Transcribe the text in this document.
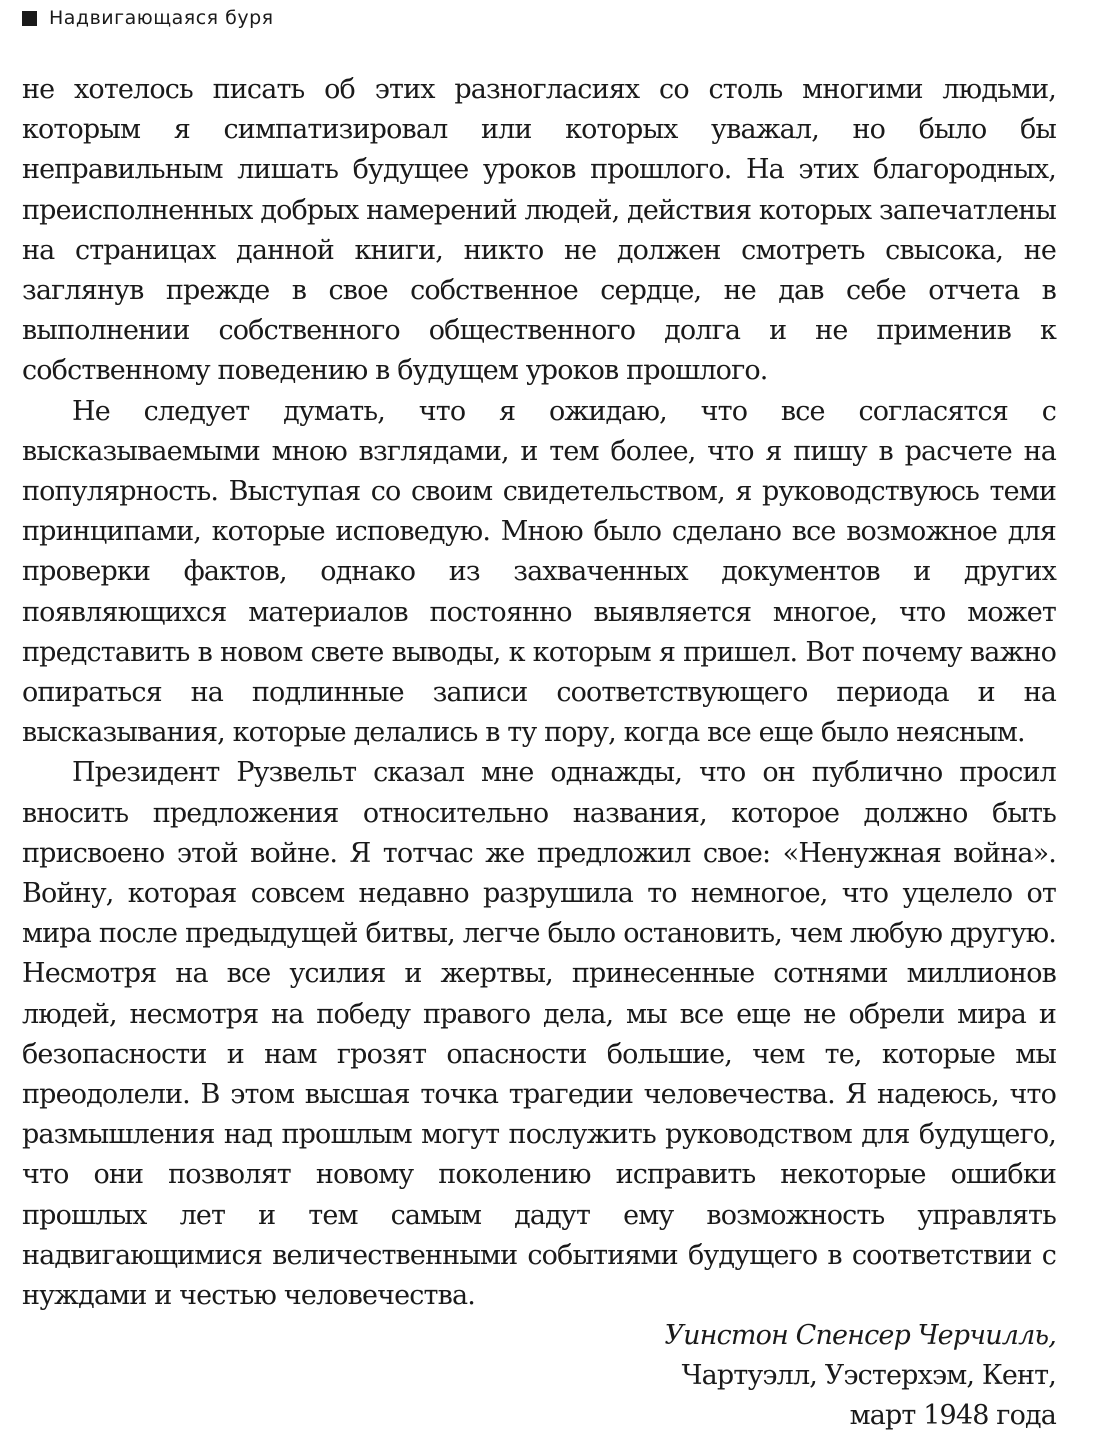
Надвигающаяся буря

не хотелось писать об этих разногласиях со столь многими людьми, которым я симпатизировал или которых уважал, но было бы неправильным лишать будущее уроков прошлого. На этих благородных, преисполненных добрых намерений людей, действия которых запечатлены на страницах данной книги, никто не должен смотреть свысока, не заглянув прежде в свое собственное сердце, не дав себе отчета в выполнении собственного общественного долга и не применив к собственному поведению в будущем уроков прошлого.

Не следует думать, что я ожидаю, что все согласятся с высказываемыми мною взглядами, и тем более, что я пишу в расчете на популярность. Выступая со своим свидетельством, я руководствуюсь теми принципами, которые исповедую. Мною было сделано все возможное для проверки фактов, однако из захваченных документов и других появляющихся материалов постоянно выявляется многое, что может представить в новом свете выводы, к которым я пришел. Вот почему важно опираться на подлинные записи соответствующего периода и на высказывания, которые делались в ту пору, когда все еще было неясным.

Президент Рузвельт сказал мне однажды, что он публично просил вносить предложения относительно названия, которое должно быть присвоено этой войне. Я тотчас же предложил свое: «Ненужная война». Войну, которая совсем недавно разрушила то немногое, что уцелело от мира после предыдущей битвы, легче было остановить, чем любую другую. Несмотря на все усилия и жертвы, принесенные сотнями миллионов людей, несмотря на победу правого дела, мы все еще не обрели мира и безопасности и нам грозят опасности большие, чем те, которые мы преодолели. В этом высшая точка трагедии человечества. Я надеюсь, что размышления над прошлым могут послужить руководством для будущего, что они позволят новому поколению исправить некоторые ошибки прошлых лет и тем самым дадут ему возможность управлять надвигающимися величественными событиями будущего в соответствии с нуждами и честью человечества.

Уинстон Спенсер Черчилль,
Чартуэлл, Уэстерхэм, Кент,
март 1948 года
